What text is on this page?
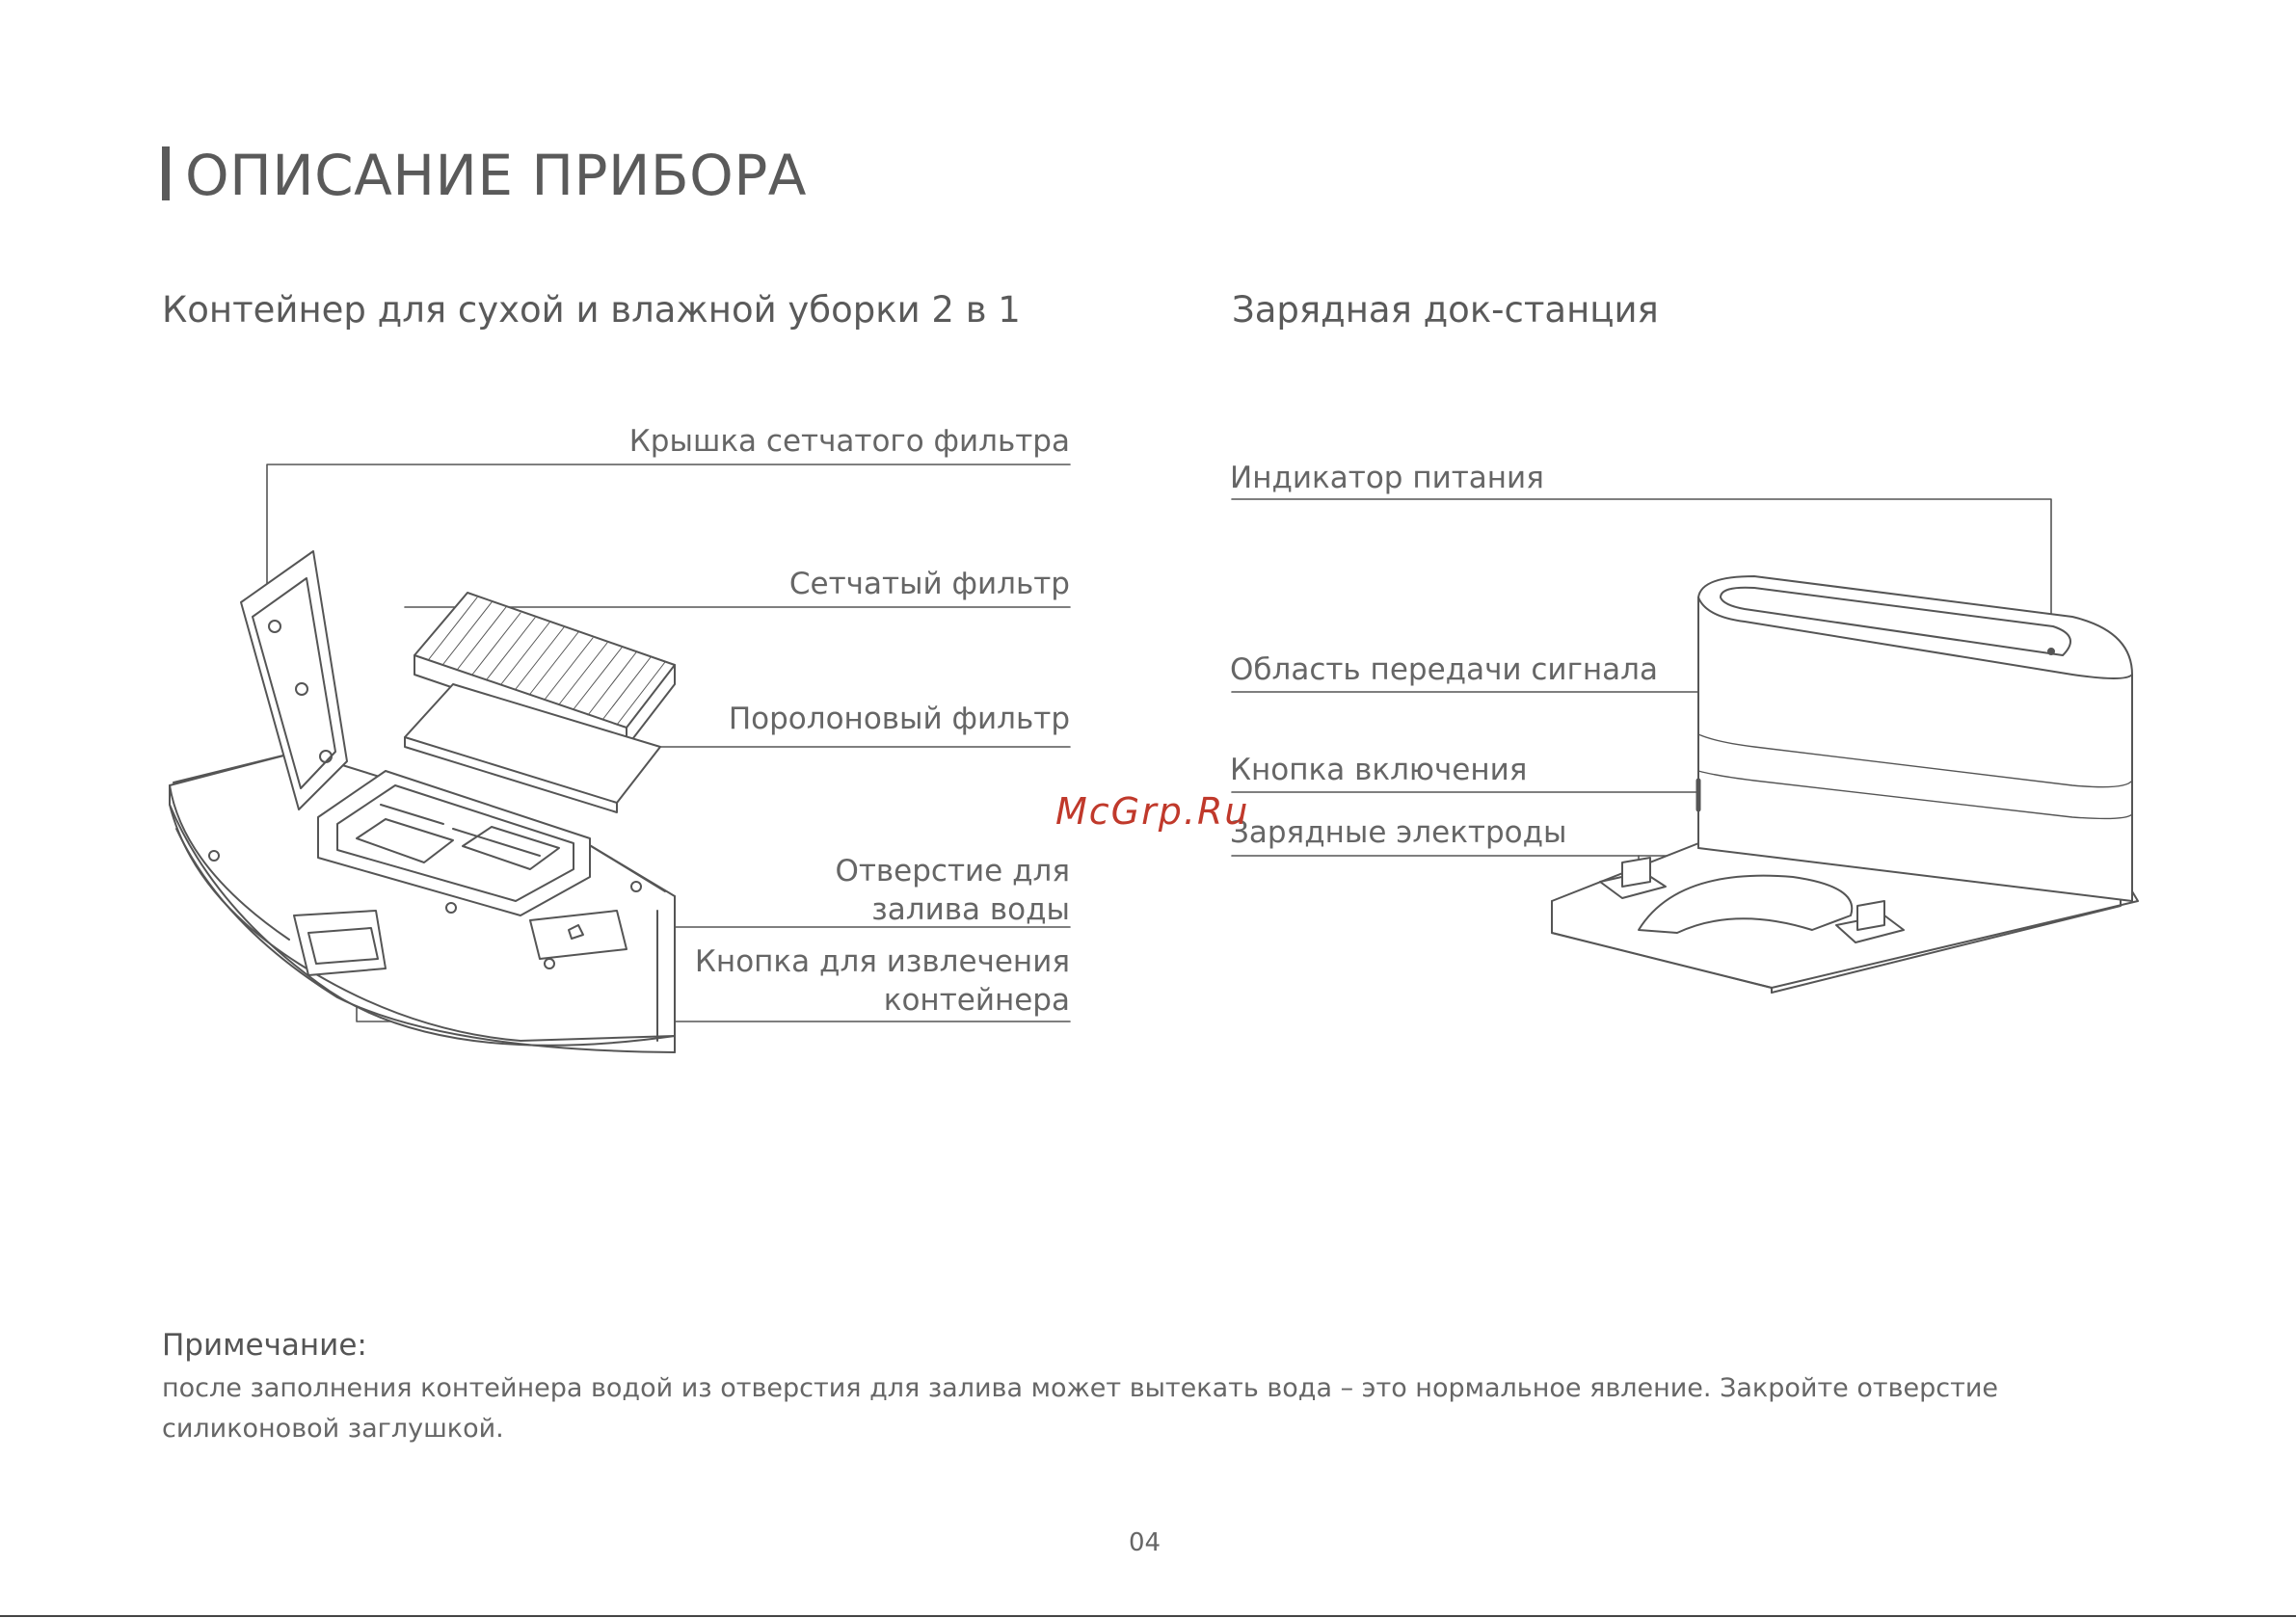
ОПИСАНИЕ ПРИБОРА
Контейнер для сухой и влажной уборки 2 в 1	Зарядная док-станция
Крышка сетчатого фильтра
Сетчатый фильтр
Поролоновый фильтр
Отверстие для
залива воды
Кнопка для извлечения
контейнера
Индикатор питания
Область передачи сигнала
Кнопка включения
Зарядные электроды
McGrp.Ru
Примечание:
после заполнения контейнера водой из отверстия для залива может вытекать вода – это нормальное явление. Закройте отверстие силиконовой заглушкой.
04
